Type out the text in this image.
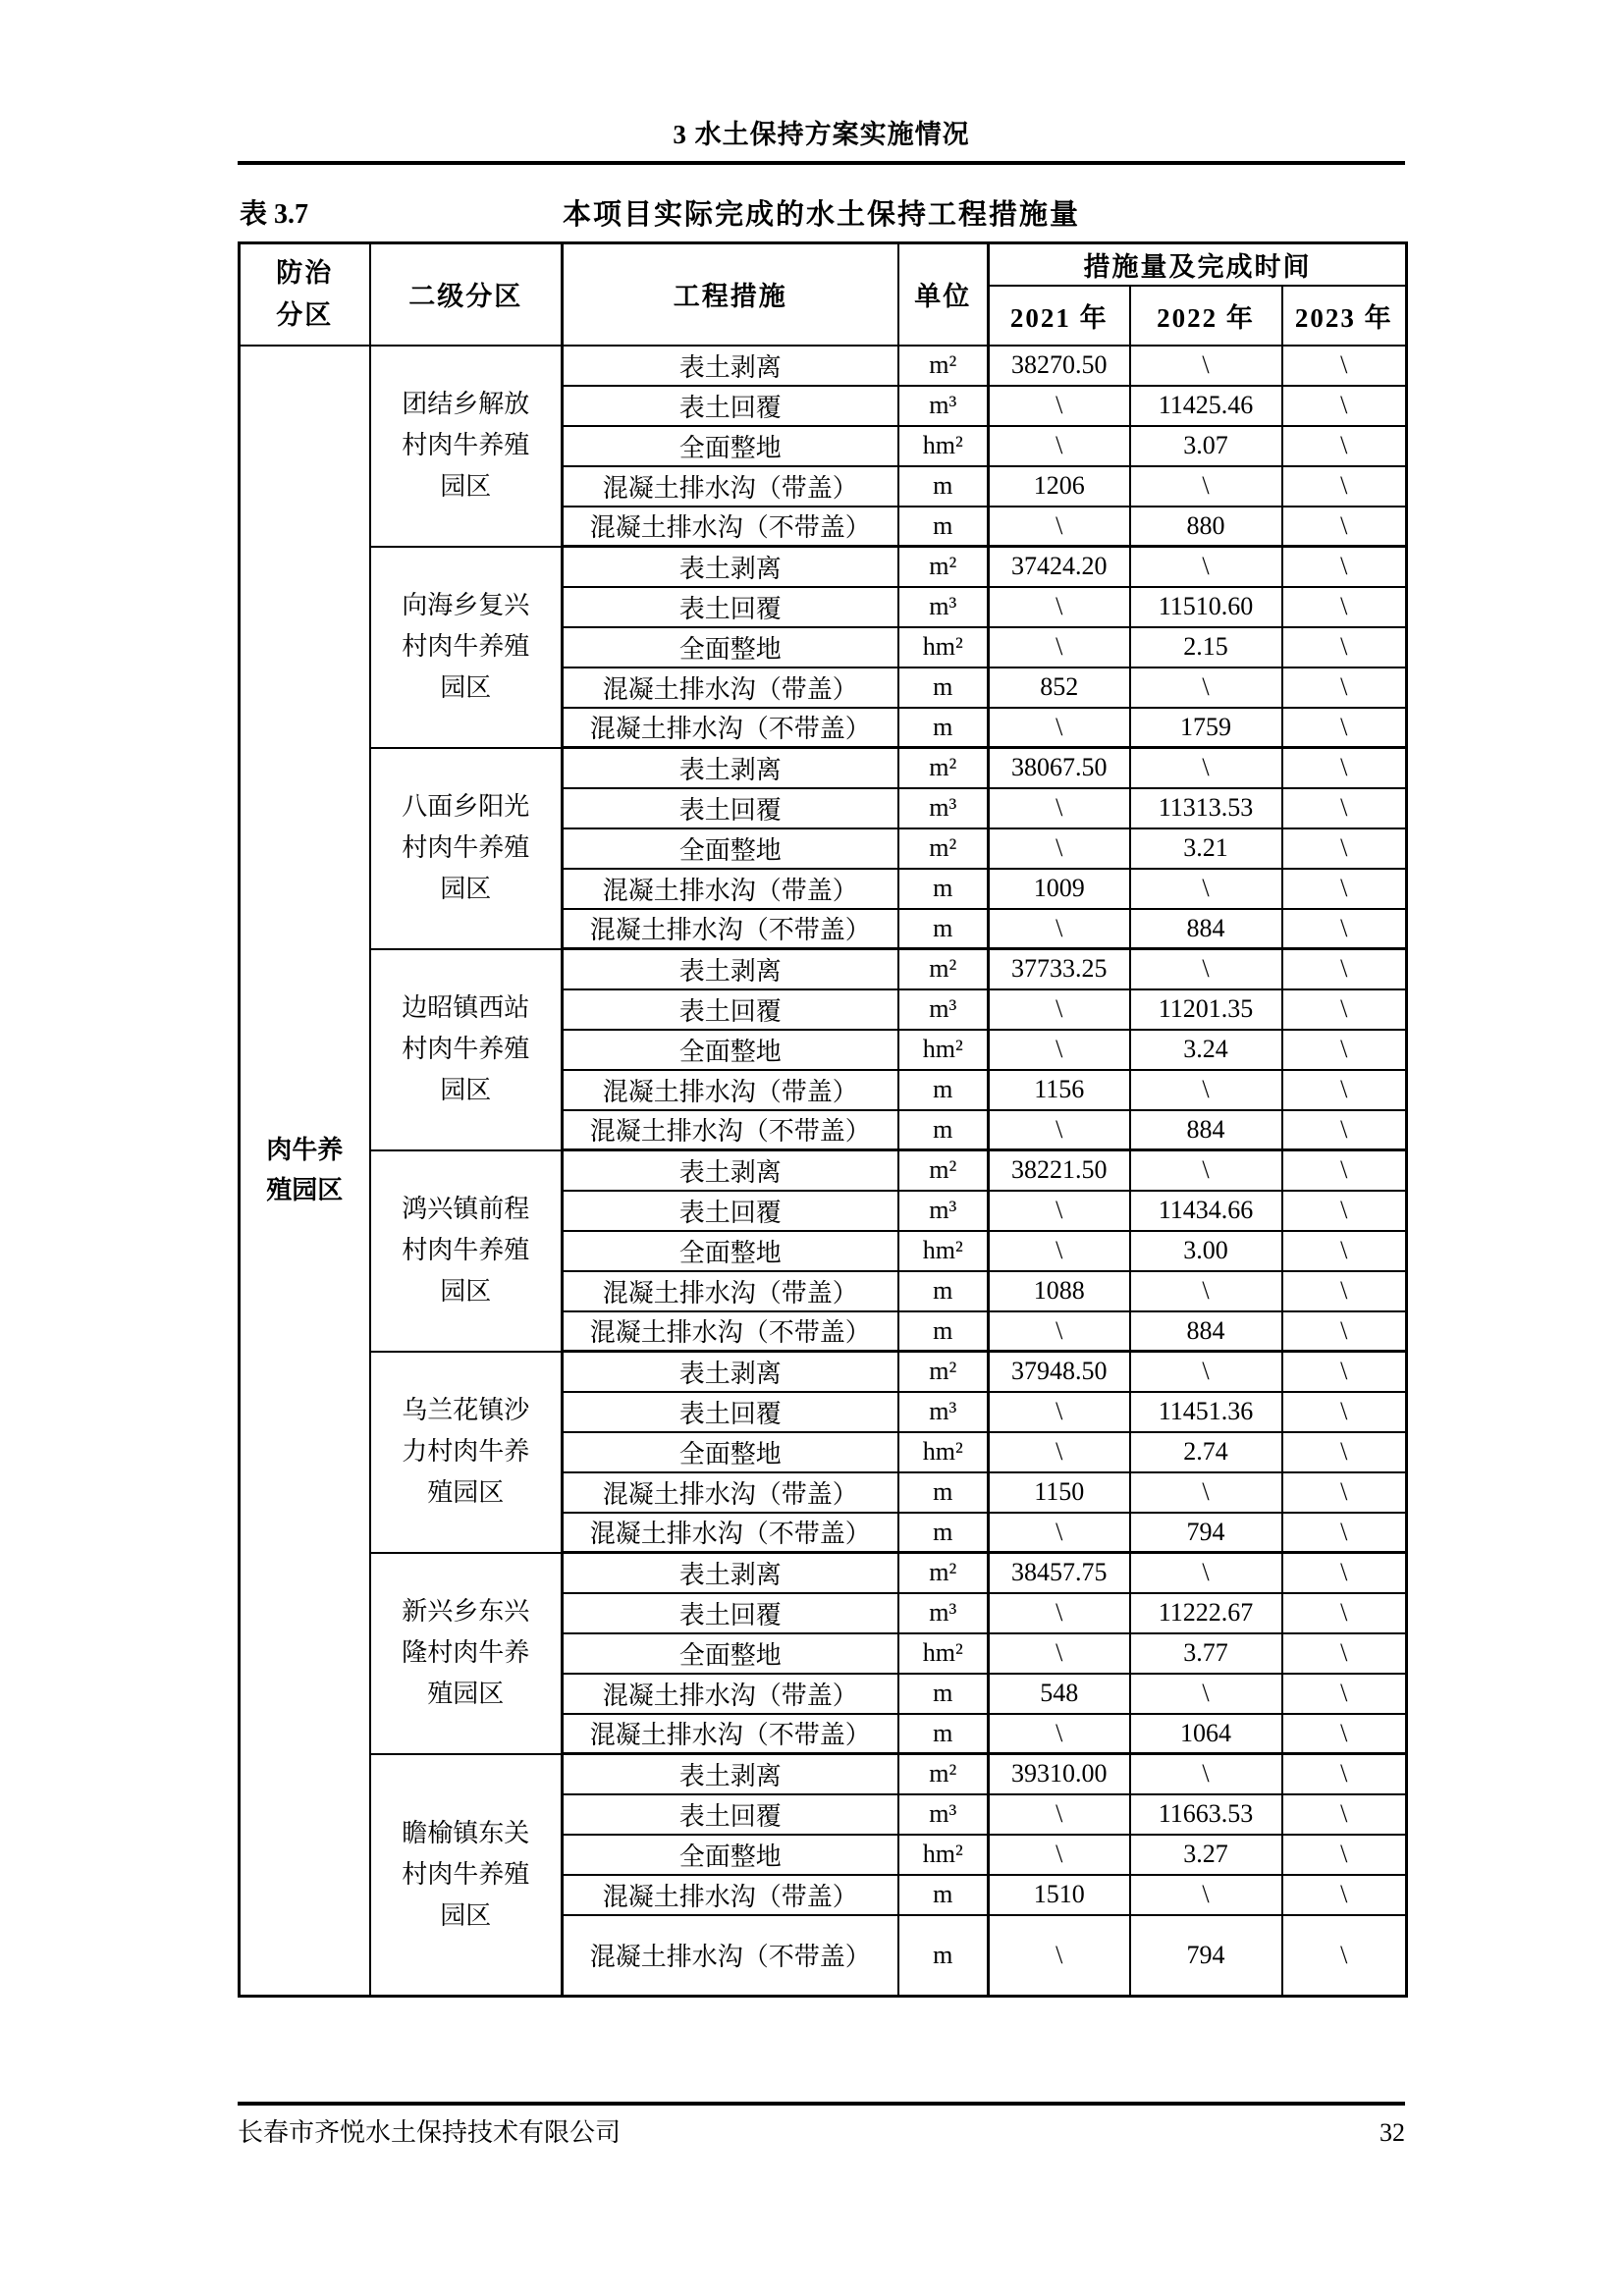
3 水土保持方案实施情况
表 3.7	本项目实际完成的水土保持工程措施量
防治分区	二级分区	工程措施	单位	措施量及完成时间		
				2021 年	2022 年	2023 年
肉牛养殖园区	团结乡解放村肉牛养殖园区	表土剥离	m²	38270.50	\	\
		表土回覆	m³	\	11425.46	\
		全面整地	hm²	\	3.07	\
		混凝土排水沟（带盖）	m	1206	\	\
		混凝土排水沟（不带盖）	m	\	880	\
	向海乡复兴村肉牛养殖园区	表土剥离	m²	37424.20	\	\
		表土回覆	m³	\	11510.60	\
		全面整地	hm²	\	2.15	\
		混凝土排水沟（带盖）	m	852	\	\
		混凝土排水沟（不带盖）	m	\	1759	\
	八面乡阳光村肉牛养殖园区	表土剥离	m²	38067.50	\	\
		表土回覆	m³	\	11313.53	\
		全面整地	m²	\	3.21	\
		混凝土排水沟（带盖）	m	1009	\	\
		混凝土排水沟（不带盖）	m	\	884	\
	边昭镇西站村肉牛养殖园区	表土剥离	m²	37733.25	\	\
		表土回覆	m³	\	11201.35	\
		全面整地	hm²	\	3.24	\
		混凝土排水沟（带盖）	m	1156	\	\
		混凝土排水沟（不带盖）	m	\	884	\
	鸿兴镇前程村肉牛养殖园区	表土剥离	m²	38221.50	\	\
		表土回覆	m³	\	11434.66	\
		全面整地	hm²	\	3.00	\
		混凝土排水沟（带盖）	m	1088	\	\
		混凝土排水沟（不带盖）	m	\	884	\
	乌兰花镇沙力村肉牛养殖园区	表土剥离	m²	37948.50	\	\
		表土回覆	m³	\	11451.36	\
		全面整地	hm²	\	2.74	\
		混凝土排水沟（带盖）	m	1150	\	\
		混凝土排水沟（不带盖）	m	\	794	\
	新兴乡东兴隆村肉牛养殖园区	表土剥离	m²	38457.75	\	\
		表土回覆	m³	\	11222.67	\
		全面整地	hm²	\	3.77	\
		混凝土排水沟（带盖）	m	548	\	\
		混凝土排水沟（不带盖）	m	\	1064	\
	瞻榆镇东关村肉牛养殖园区	表土剥离	m²	39310.00	\	\
		表土回覆	m³	\	11663.53	\
		全面整地	hm²	\	3.27	\
		混凝土排水沟（带盖）	m	1510	\	\
		混凝土排水沟（不带盖）	m	\	794	\
长春市齐悦水土保持技术有限公司	32
